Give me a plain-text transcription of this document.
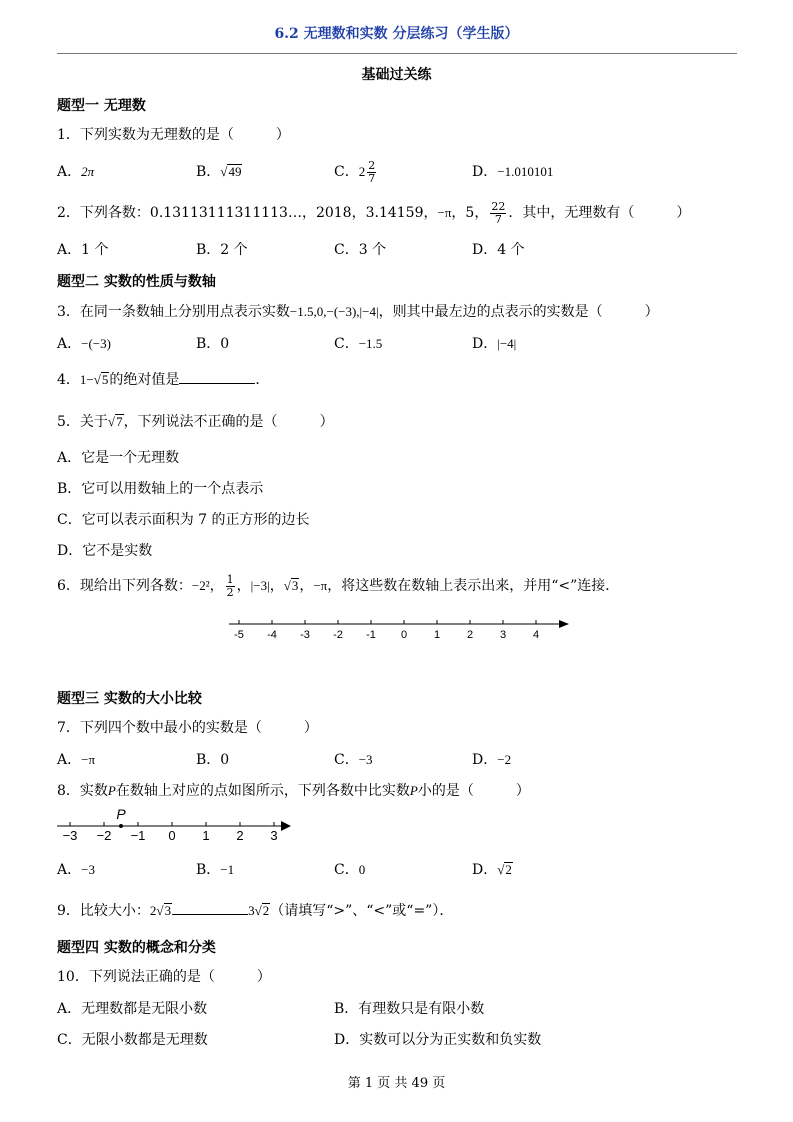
6.2 无理数和实数 分层练习（学生版）
基础过关练
题型一 无理数
1．下列实数为无理数的是（	）
A．2π	B．√49	C．$2 \frac{2}{7}$	D．−1.010101
2．下列各数：0.13113111311113…，2018，3.14159，−π，5， $\frac{22}{7}$ ．其中，无理数有（	）
A．1 个	B．2 个	C．3 个	D．4 个
题型二 实数的性质与数轴
3．在同一条数轴上分别用点表示实数−1.5,0,−(−3),|−4|，则其中最左边的点表示的实数是（	）
A．−(−3)	B．0	C．−1.5	D．|−4|
4．1−√5的绝对值是	．
5．关于√7，下列说法不正确的是（	）
A．它是一个无理数
B．它可以用数轴上的一个点表示
C．它可以表示面积为 7 的正方形的边长
D．它不是实数
6．现给出下列各数：−2²， $\frac{1}{2}$ ，|−3|，√3，−π，将这些数在数轴上表示出来，并用“<”连接．
-5 -4 -3 -2 -1 0 1 2 3 4
题型三 实数的大小比较
7．下列四个数中最小的实数是（	）
A．−π	B．0	C．−3	D．−2
8．实数P在数轴上对应的点如图所示，下列各数中比实数P小的是（	）
−3 −2 −1 0 1 2 3
P
A．−3	B．−1	C．0	D．√2
9．比较大小：2√3	3√2（请填写“>”、“<”或“=”）．
题型四 实数的概念和分类
10．下列说法正确的是（	）
A．无理数都是无限小数	B．有理数只是有限小数
C．无限小数都是无理数	D．实数可以分为正实数和负实数
第 1 页 共 49 页
